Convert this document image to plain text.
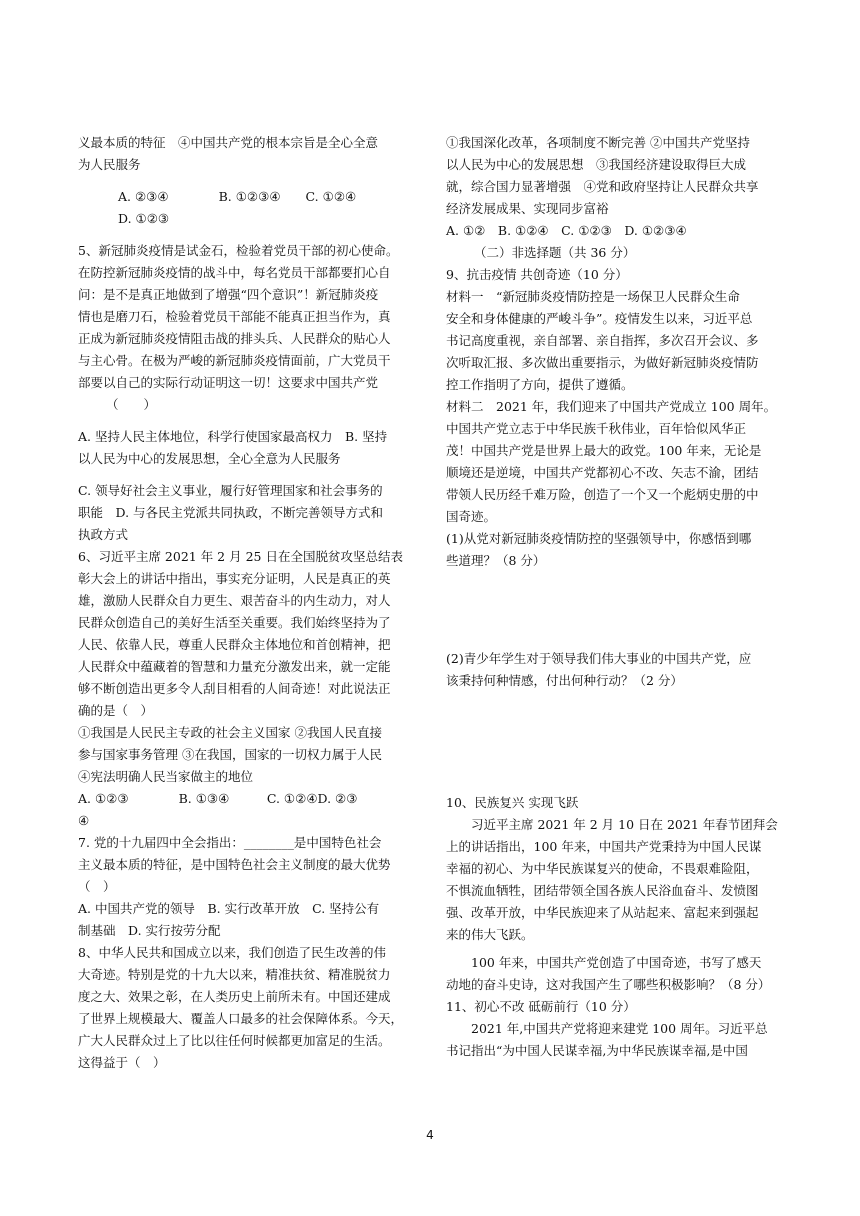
义最本质的特征　④中国共产党的根本宗旨是全心全意

为人民服务

A. ②③④　　　　B. ①②③④　　C. ①②④

D. ①②③

5、新冠肺炎疫情是试金石，检验着党员干部的初心使命。

在防控新冠肺炎疫情的战斗中，每名党员干部都要扪心自

问：是不是真正地做到了增强“四个意识”！新冠肺炎疫

情也是磨刀石，检验着党员干部能不能真正担当作为，真

正成为新冠肺炎疫情阻击战的排头兵、人民群众的贴心人

与主心骨。在极为严峻的新冠肺炎疫情面前，广大党员干

部要以自己的实际行动证明这一切！这要求中国共产党

（　　）

A. 坚持人民主体地位，科学行使国家最高权力　B. 坚持

以人民为中心的发展思想，全心全意为人民服务

C. 领导好社会主义事业，履行好管理国家和社会事务的

职能　D. 与各民主党派共同执政，不断完善领导方式和

执政方式

6、习近平主席 2021 年 2 月 25 日在全国脱贫攻坚总结表

彰大会上的讲话中指出，事实充分证明，人民是真正的英

雄，激励人民群众自力更生、艰苦奋斗的内生动力，对人

民群众创造自己的美好生活至关重要。我们始终坚持为了

人民、依靠人民，尊重人民群众主体地位和首创精神，把

人民群众中蕴藏着的智慧和力量充分激发出来，就一定能

够不断创造出更多令人刮目相看的人间奇迹！对此说法正

确的是（　）

①我国是人民民主专政的社会主义国家 ②我国人民直接

参与国家事务管理 ③在我国，国家的一切权力属于人民

④宪法明确人民当家做主的地位

A. ①②③　　　　B. ①③④　　　C. ①②④D. ②③

④

7. 党的十九届四中全会指出：________是中国特色社会

主义最本质的特征，是中国特色社会主义制度的最大优势

（　）

A. 中国共产党的领导　B. 实行改革开放　C. 坚持公有

制基础　D. 实行按劳分配

8、中华人民共和国成立以来，我们创造了民生改善的伟

大奇迹。特别是党的十九大以来，精准扶贫、精准脱贫力

度之大、效果之彰，在人类历史上前所未有。中国还建成

了世界上规模最大、覆盖人口最多的社会保障体系。今天，

广大人民群众过上了比以往任何时候都更加富足的生活。

这得益于（　）

①我国深化改革，各项制度不断完善 ②中国共产党坚持

以人民为中心的发展思想　③我国经济建设取得巨大成

就，综合国力显著增强　④党和政府坚持让人民群众共享

经济发展成果、实现同步富裕

A. ①②　B. ①②④　C. ①②③　D. ①②③④

（二）非选择题（共 36 分）

9、抗击疫情 共创奇迹（10 分）

材料一　“新冠肺炎疫情防控是一场保卫人民群众生命

安全和身体健康的严峻斗争”。疫情发生以来，习近平总

书记高度重视，亲自部署、亲自指挥，多次召开会议、多

次听取汇报、多次做出重要指示，为做好新冠肺炎疫情防

控工作指明了方向，提供了遵循。

材料二　2021 年，我们迎来了中国共产党成立 100 周年。

中国共产党立志于中华民族千秋伟业，百年恰似风华正

茂！中国共产党是世界上最大的政党。100 年来，无论是

顺境还是逆境，中国共产党都初心不改、矢志不渝，团结

带领人民历经千难万险，创造了一个又一个彪炳史册的中

国奇迹。

(1)从党对新冠肺炎疫情防控的坚强领导中，你感悟到哪

些道理？（8 分）

(2)青少年学生对于领导我们伟大事业的中国共产党，应

该秉持何种情感，付出何种行动？（2 分）

10、民族复兴 实现飞跃

习近平主席 2021 年 2 月 10 日在 2021 年春节团拜会

上的讲话指出，100 年来，中国共产党秉持为中国人民谋

幸福的初心、为中华民族谋复兴的使命，不畏艰难险阻，

不惧流血牺牲，团结带领全国各族人民浴血奋斗、发愤图

强、改革开放，中华民族迎来了从站起来、富起来到强起

来的伟大飞跃。

100 年来，中国共产党创造了中国奇迹，书写了感天

动地的奋斗史诗，这对我国产生了哪些积极影响？（8 分）

11、初心不改 砥砺前行（10 分）

2021 年,中国共产党将迎来建党 100 周年。习近平总

书记指出“为中国人民谋幸福,为中华民族谋幸福,是中国

4
